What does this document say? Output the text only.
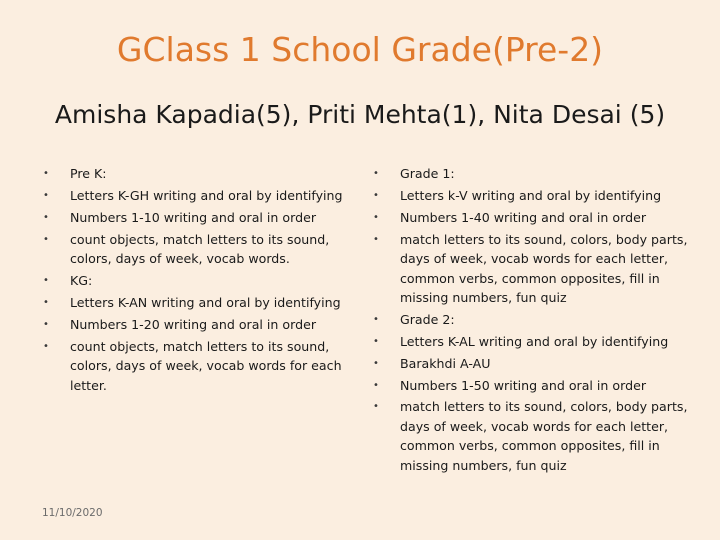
GClass 1 School Grade(Pre-2)
Amisha Kapadia(5), Priti Mehta(1), Nita Desai (5)
• Pre K:
• Letters K-GH writing and oral by identifying
• Numbers 1-10 writing and oral in order
• count objects, match letters to its sound, colors, days of week, vocab words.
• KG:
• Letters K-AN writing and oral by identifying
• Numbers 1-20 writing and oral in order
• count objects, match letters to its sound, colors, days of week, vocab words for each letter.
• Grade 1:
• Letters k-V writing and oral by identifying
• Numbers 1-40 writing and oral in order
• match letters to its sound, colors, body parts, days of week, vocab words for each letter, common verbs, common opposites, fill in missing numbers, fun quiz
• Grade 2:
• Letters K-AL writing and oral by identifying
• Barakhdi A-AU
• Numbers 1-50 writing and oral in order
• match letters to its sound, colors, body parts, days of week, vocab words for each letter, common verbs, common opposites, fill in missing numbers, fun quiz
11/10/2020
